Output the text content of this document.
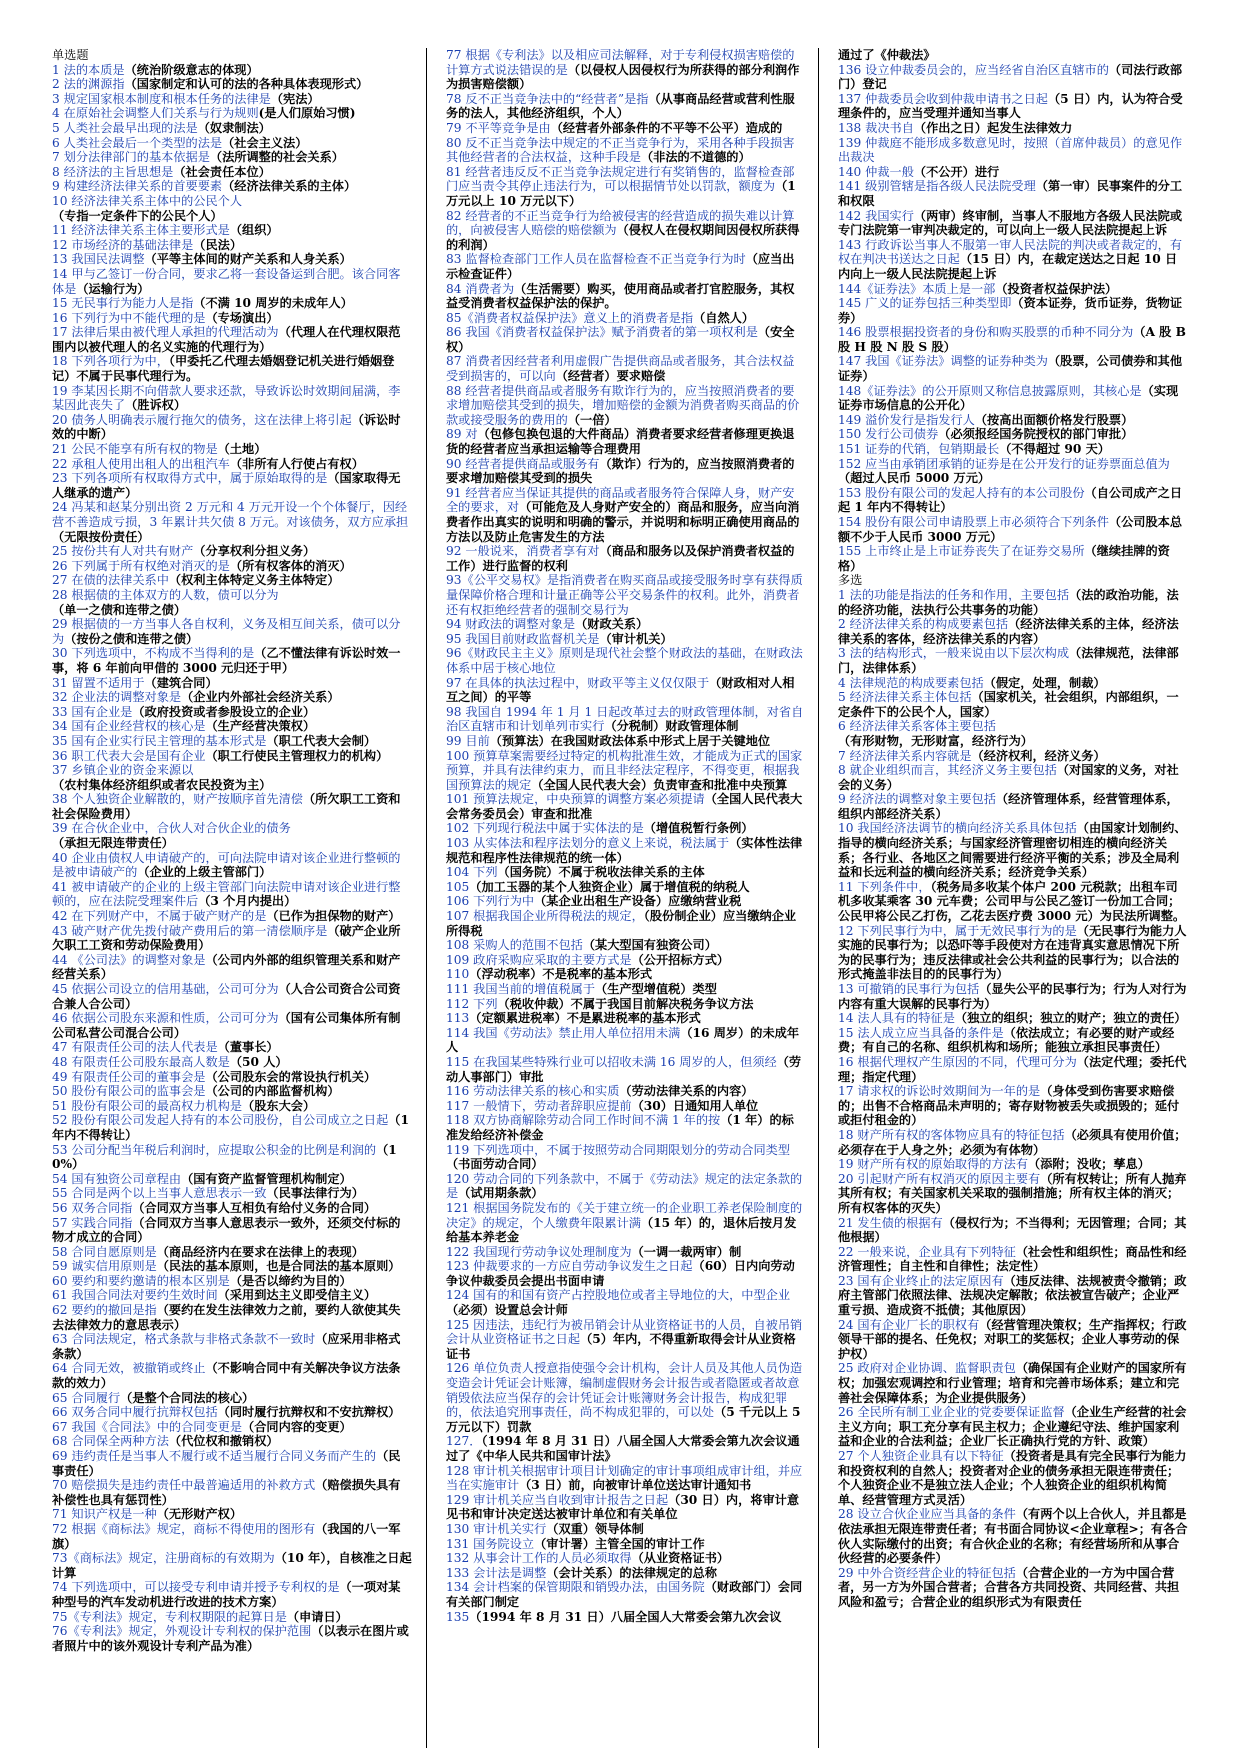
单选题
1 法的本质是（统治阶级意志的体现）
2 法的渊源指（国家制定和认可的法的各种具体表现形式）
3 规定国家根本制度和根本任务的法律是（宪法）
4 在原始社会调整人们关系与行为规则(是人们原始习惯)
5 人类社会最早出现的法是（奴隶制法）
6 人类社会最后一个类型的法是（社会主义法）
7 划分法律部门的基本依据是（法所调整的社会关系）
8 经济法的主旨思想是（社会责任本位）
9 构建经济法律关系的首要要素（经济法律关系的主体）
10 经济法律关系主体中的公民个人（专指一定条件下的公民个人）
11 经济法律关系主体主要形式是（组织）
12 市场经济的基础法律是（民法）
13 我国民法调整（平等主体间的财产关系和人身关系）
14 甲与乙签订一份合同，要求乙将一套设备运到合肥。该合同客体是（运输行为）
15 无民事行为能力人是指（不满 10 周岁的未成年人）
16 下列行为中不能代理的是（专场演出）
17 法律后果由被代理人承担的代理活动为（代理人在代理权限范围内以被代理人的名义实施的代理行为）
18 下列各项行为中，（甲委托乙代理去婚姻登记机关进行婚姻登记）不属于民事代理行为。
19 李某因长期不向借款人要求还款，导致诉讼时效期间届满，李某因此丧失了（胜诉权）
20 债务人明确表示履行拖欠的债务，这在法律上将引起（诉讼时效的中断）
21 公民不能享有所有权的物是（土地）
22 承租人使用出租人的出租汽车（非所有人行使占有权）
23 下列各项所有权取得方式中，属于原始取得的是（国家取得无人继承的遗产）
24 冯某和赵某分别出资 2 万元和 4 万元开设一个个体餐厅，因经营不善造成亏损，3 年累计共欠债 8 万元。对该债务，双方应承担（无限按份责任）
25 按份共有人对共有财产（分享权利分担义务）
26 下列属于所有权绝对消灭的是（所有权客体的消灭）
27 在债的法律关系中（权利主体特定义务主体特定）
28 根据债的主体双方的人数，债可以分为（单一之债和连带之债）
29 根据债的一方当事人各自权利，义务及相互间关系，债可以分为（按份之债和连带之债）
30 下列选项中，不构成不当得利的是（乙不懂法律有诉讼时效一事，将 6 年前向甲借的 3000 元归还于甲）
31 留置不适用于（建筑合同）
32 企业法的调整对象是（企业内外部社会经济关系）
33 国有企业是（政府投资或者参股设立的企业）
34 国有企业经营权的核心是（生产经营决策权）
35 国有企业实行民主管理的基本形式是（职工代表大会制）
36 职工代表大会是国有企业（职工行使民主管理权力的机构）
37 乡镇企业的资金来源以（农村集体经济组织或者农民投资为主）
38 个人独资企业解散的，财产按顺序首先清偿（所欠职工工资和社会保险费用）
39 在合伙企业中，合伙人对合伙企业的债务（承担无限连带责任）
40 企业由债权人申请破产的，可向法院申请对该企业进行整顿的是被申请破产的（企业的上级主管部门）
41 被申请破产的企业的上级主管部门向法院申请对该企业进行整顿的，应在法院受理案件后（3 个月内提出）
42 在下列财产中，不属于破产财产的是（已作为担保物的财产）
43 破产财产优先拨付破产费用后的第一清偿顺序是（破产企业所欠职工工资和劳动保险费用）
44 《公司法》的调整对象是（公司内外部的组织管理关系和财产经营关系）
45 依据公司设立的信用基础，公司可分为（人合公司资合公司资合兼人合公司）
46 依据公司股东来源和性质，公司可分为（国有公司集体所有制公司私营公司混合公司）
47 有限责任公司的法人代表是（董事长）
48 有限责任公司股东最高人数是（50 人）
49 有限责任公司的董事会是（公司股东会的常设执行机关）
50 股份有限公司的监事会是（公司的内部监督机构）
51 股份有限公司的最高权力机构是（股东大会）
52 股份有限公司发起人持有的本公司股份，自公司成立之日起（1 年内不得转让）
53 公司分配当年税后利润时，应提取公积金的比例是利润的（10%）
54 国有独资公司章程由（国有资产监督管理机构制定）
55 合同是两个以上当事人意思表示一致（民事法律行为）
56 双务合同指（合同双方当事人互相负有给付义务的合同）
57 实践合同指（合同双方当事人意思表示一致外，还须交付标的物才成立的合同）
58 合同自愿原则是（商品经济内在要求在法律上的表现）
59 诚实信用原则是（民法的基本原则，也是合同法的基本原则）
60 要约和要约邀请的根本区别是（是否以缔约为目的）
61 我国合同法对要约生效时间（采用到达主义即受信主义）
62 要约的撤回是指（要约在发生法律效力之前，要约人欲使其失去法律效力的意思表示）
63 合同法规定，格式条款与非格式条款不一致时（应采用非格式条款）
64 合同无效，被撤销或终止（不影响合同中有关解决争议方法条款的效力）
65 合同履行（是整个合同法的核心）
66 双务合同中履行抗辩权包括（同时履行抗辩权和不安抗辩权）
67 我国《合同法》中的合同变更是（合同内容的变更）
68 合同保全两种方法（代位权和撤销权）
69 违约责任是当事人不履行或不适当履行合同义务而产生的（民事责任）
70 赔偿损失是违约责任中最普遍适用的补救方式（赔偿损失具有补偿性也具有惩罚性）
71 知识产权是一种（无形财产权）
72 根据《商标法》规定，商标不得使用的图形有（我国的八一军旗）
73《商标法》规定，注册商标的有效期为（10 年），自核准之日起计算
74 下列选项中，可以接受专利申请并授予专利权的是（一项对某种型号的汽车发动机进行改进的技术方案）
75《专利法》规定，专利权期限的起算日是（申请日）
76《专利法》规定，外观设计专利权的保护范围（以表示在图片或者照片中的该外观设计专利产品为准）
77 根据《专利法》以及相应司法解释，对于专利侵权损害赔偿的计算方式说法错误的是（以侵权人因侵权行为所获得的部分利润作为损害赔偿额）
78 反不正当竞争法中的“经营者”是指（从事商品经营或营利性服务的法人，其他经济组织，个人）
79 不平等竞争是由（经营者外部条件的不平等不公平）造成的
80 反不正当竞争法中规定的不正当竞争行为，采用各种手段损害其他经营者的合法权益，这种手段是（非法的不道德的）
81 经营者违反反不正当竞争法规定进行有奖销售的，监督检查部门应当责令其停止违法行为，可以根据情节处以罚款，额度为（1 万元以上 10 万元以下）
82 经营者的不正当竞争行为给被侵害的经营造成的损失难以计算的，向被侵害人赔偿的赔偿额为（侵权人在侵权期间因侵权所获得的利润）
83 监督检查部门工作人员在监督检查不正当竞争行为时（应当出示检查证件）
84 消费者为（生活需要）购买，使用商品或者打官腔服务，其权益受消费者权益保护法的保护。
85《消费者权益保护法》意义上的消费者是指（自然人）
86 我国《消费者权益保护法》赋予消费者的第一项权利是（安全权）
87 消费者因经营者利用虚假广告提供商品或者服务，其合法权益受到损害的，可以向（经营者）要求赔偿
88 经营者提供商品或者服务有欺诈行为的，应当按照消费者的要求增加赔偿其受到的损失，增加赔偿的金额为消费者购买商品的价款或接受服务的费用的（一倍）
89 对（包修包换包退的大件商品）消费者要求经营者修理更换退货的经营者应当承担运输等合理费用
90 经营者提供商品或服务有（欺诈）行为的，应当按照消费者的要求增加赔偿其受到的损失
91 经营者应当保证其提供的商品或者服务符合保障人身，财产安全的要求，对（可能危及人身财产安全的）商品和服务，应当向消费者作出真实的说明和明确的警示，并说明和标明正确使用商品的方法以及防止危害发生的方法
92 一般说来，消费者享有对（商品和服务以及保护消费者权益的工作）进行监督的权利
93《公平交易权》是指消费者在购买商品或接受服务时享有获得质量保障价格合理和计量正确等公平交易条件的权利。此外，消费者还有权拒绝经营者的强制交易行为
94 财政法的调整对象是（财政关系）
95 我国目前财政监督机关是（审计机关）
96《财政民主主义》原则是现代社会整个财政法的基础，在财政法体系中居于核心地位
97 在具体的执法过程中，财政平等主义仅仅限于（财政相对人相互之间）的平等
98 我国自 1994 年 1 月 1 日起改革过去的财政管理体制，对省自治区直辖市和计划单列市实行（分税制）财政管理体制
99 目前（预算法）在我国财政法体系中形式上居于关键地位
100 预算草案需要经过特定的机构批准生效，才能成为正式的国家预算，并具有法律约束力，而且非经法定程序，不得变更，根据我国预算法的规定（全国人民代表大会）负责审查和批准中央预算
101 预算法规定，中央预算的调整方案必须提请（全国人民代表大会常务委员会）审查和批准
102 下列现行税法中属于实体法的是（增值税暂行条例）
103 从实体法和程序法划分的意义上来说，税法属于（实体性法律规范和程序性法律规范的统一体）
104 下列（国务院）不属于税收法律关系的主体
105（加工玉器的某个人独资企业）属于增值税的纳税人
106 下列行为中（某企业出租生产设备）应缴纳营业税
107 根据我国企业所得税法的规定，（股份制企业）应当缴纳企业所得税
108 采购人的范围不包括（某大型国有独资公司）
109 政府采购应采取的主要方式是（公开招标方式）
110（浮动税率）不是税率的基本形式
111 我国当前的增值税属于（生产型增值税）类型
112 下列（税收仲裁）不属于我国目前解决税务争议方法
113（定额累进税率）不是累进税率的基本形式
114 我国《劳动法》禁止用人单位招用未满（16 周岁）的未成年人
115 在我国某些特殊行业可以招收未满 16 周岁的人，但须经（劳动人事部门）审批
116 劳动法律关系的核心和实质（劳动法律关系的内容）
117 一般情下，劳动者辞职应提前（30）日通知用人单位
118 双方协商解除劳动合同工作时间不满 1 年的按（1 年）的标准发给经济补偿金
119 下列选项中，不属于按照劳动合同期限划分的劳动合同类型（书面劳动合同）
120 劳动合同的下列条款中，不属于《劳动法》规定的法定条款的是（试用期条款）
121 根据国务院发布的《关于建立统一的企业职工养老保险制度的决定》的规定，个人缴费年限累计满（15 年）的，退休后按月发给基本养老金
122 我国现行劳动争议处理制度为（一调一裁两审）制
123 仲裁要求的一方应自劳动争议发生之日起（60）日内向劳动争议仲裁委员会提出书面申请
124 国有的和国有资产占控股地位或者主导地位的大，中型企业（必须）设置总会计师
125 因违法，违纪行为被吊销会计从业资格证书的人员，自被吊销会计从业资格证书之日起（5）年内，不得重新取得会计从业资格证书
126 单位负责人授意指使强令会计机构，会计人员及其他人员伪造变造会计凭证会计账簿，编制虚假财务会计报告或者隐匿或者故意销毁依法应当保存的会计凭证会计账簿财务会计报告，构成犯罪的，依法追究刑事责任，尚不构成犯罪的，可以处（5 千元以上 5 万元以下）罚款
127．（1994 年 8 月 31 日）八届全国人大常委会第九次会议通过了《中华人民共和国审计法》
128 审计机关根据审计项目计划确定的审计事项组成审计组，并应当在实施审计（3 日）前，向被审计单位送达审计通知书
129 审计机关应当自收到审计报告之日起（30 日）内，将审计意见书和审计决定送达被审计单位和有关单位
130 审计机关实行（双重）领导体制
131 国务院设立（审计署）主管全国的审计工作
132 从事会计工作的人员必须取得（从业资格证书）
133 会计法是调整（会计关系）的法律规定的总称
134 会计档案的保管期限和销毁办法，由国务院（财政部门）会同有关部门制定
135（1994 年 8 月 31 日）八届全国人大常委会第九次会议
通过了《仲裁法》
136 设立仲裁委员会的，应当经省自治区直辖市的（司法行政部门）登记
137 仲裁委员会收到仲裁申请书之日起（5 日）内，认为符合受理条件的，应当受理并通知当事人
138 裁决书自（作出之日）起发生法律效力
139 仲裁庭不能形成多数意见时，按照（首席仲裁员）的意见作出裁决
140 仲裁一般（不公开）进行
141 级别管辖是指各级人民法院受理（第一审）民事案件的分工和权限
142 我国实行（两审）终审制，当事人不服地方各级人民法院或专门法院第一审判决裁定的，可以向上一级人民法院提起上诉
143 行政诉讼当事人不服第一审人民法院的判决或者裁定的，有权在判决书送达之日起（15 日）内，在裁定送达之日起 10 日内向上一级人民法院提起上诉
144《证券法》本质上是一部（投资者权益保护法）
145 广义的证券包括三种类型即（资本证券，货币证券，货物证券）
146 股票根据投资者的身份和购买股票的币种不同分为（A 股 B 股 H 股 N 股 S 股）
147 我国《证券法》调整的证券种类为（股票，公司债券和其他证券）
148《证券法》的公开原则又称信息披露原则，其核心是（实现证券市场信息的公开化）
149 溢价发行是指发行人（按高出面额价格发行股票）
150 发行公司债券（必须报经国务院授权的部门审批）
151 证券的代销，包销期最长（不得超过 90 天）
152 应当由承销团承销的证券是在公开发行的证券票面总值为（超过人民币 5000 万元）
153 股份有限公司的发起人持有的本公司股份（自公司成产之日起 1 年内不得转让）
154 股份有限公司申请股票上市必须符合下列条件（公司股本总额不少于人民币 3000 万元）
155 上市终止是上市证券丧失了在证券交易所（继续挂牌的资格）
多选
1 法的功能是指法的任务和作用，主要包括（法的政治功能，法的经济功能，法执行公共事务的功能）
2 经济法律关系的构成要素包括（经济法律关系的主体，经济法律关系的客体，经济法律关系的内容）
3 法的结构形式，一般来说由以下层次构成（法律规范，法律部门，法律体系）
4 法律规范的构成要素包括（假定，处理，制裁）
5 经济法律关系主体包括（国家机关，社会组织，内部组织，一定条件下的公民个人，国家）
6 经济法律关系客体主要包括（有形财物，无形财富，经济行为）
7 经济法律关系内容就是（经济权利，经济义务）
8 就企业组织而言，其经济义务主要包括（对国家的义务，对社会的义务）
9 经济法的调整对象主要包括（经济管理体系，经营管理体系，组织内部经济关系）
10 我国经济法调节的横向经济关系具体包括（由国家计划制约、指导的横向经济关系；与国家经济管理密切相连的横向经济关系；各行业、各地区之间需要进行经济平衡的关系；涉及全局利益和长远利益的横向经济关系；经济竞争关系）
11 下列条件中，（税务局多收某个体户 200 元税款；出租车司机多收某乘客 30 元车费；公司甲与公民乙签订一份加工合同；公民甲将公民乙打伤，乙花去医疗费 3000 元）为民法所调整。
12 下列民事行为中，属于无效民事行为的是（无民事行为能力人实施的民事行为；以恐吓等手段使对方在违背真实意思情况下所为的民事行为；违反法律或社会公共利益的民事行为；以合法的形式掩盖非法目的的民事行为）
13 可撤销的民事行为包括（显失公平的民事行为；行为人对行为内容有重大误解的民事行为）
14 法人具有的特征是（独立的组织；独立的财产；独立的责任）
15 法人成立应当具备的条件是（依法成立；有必要的财产或经费；有自己的名称、组织机构和场所；能独立承担民事责任）
16 根据代理权产生原因的不同，代理可分为（法定代理；委托代理；指定代理）
17 请求权的诉讼时效期间为一年的是（身体受到伤害要求赔偿的；出售不合格商品未声明的；寄存财物被丢失或损毁的；延付或拒付租金的）
18 财产所有权的客体物应具有的特征包括（必须具有使用价值；必须存在于人身之外；必须为有体物）
19 财产所有权的原始取得的方法有（添附；没收；孳息）
20 引起财产所有权消灭的原因主要有（所有权转让；所有人抛弃其所有权；有关国家机关采取的强制措施；所有权主体的消灭；所有权客体的灭失）
21 发生债的根据有（侵权行为；不当得利；无因管理；合同；其他根据）
22 一般来说，企业具有下列特征（社会性和组织性；商品性和经济管理性；自主性和自律性；法定性）
23 国有企业终止的法定原因有（违反法律、法规被责令撤销；政府主管部门依照法律、法规决定解散；依法被宣告破产；企业严重亏损、造成资不抵债；其他原因）
24 国有企业厂长的职权有（经营管理决策权；生产指挥权；行政领导干部的提名、任免权；对职工的奖惩权；企业人事劳动的保护权）
25 政府对企业协调、监督职责包（确保国有企业财产的国家所有权；加强宏观调控和行业管理；培育和完善市场体系；建立和完善社会保障体系；为企业提供服务）
26 全民所有制工业企业的党委要保证监督（企业生产经营的社会主义方向；职工充分享有民主权力；企业遵纪守法、维护国家利益和企业的合法利益；企业厂长正确执行党的方针、政策）
27 个人独资企业具有以下特征（投资者是具有完全民事行为能力和投资权利的自然人；投资者对企业的债务承担无限连带责任；个人独资企业不是独立法人企业；个人独资企业的组织机构简单、经营管理方式灵活）
28 设立合伙企业应当具备的条件（有两个以上合伙人，并且都是依法承担无限连带责任者；有书面合同协议<企业章程>；有各合伙人实际缴付的出资；有合伙企业的名称；有经营场所和从事合伙经营的必要条件）
29 中外合资经营企业的特征包括（合营企业的一方为中国合营者，另一方为外国合营者；合营各方共同投资、共同经营、共担风险和盈亏；合营企业的组织形式为有限责任
